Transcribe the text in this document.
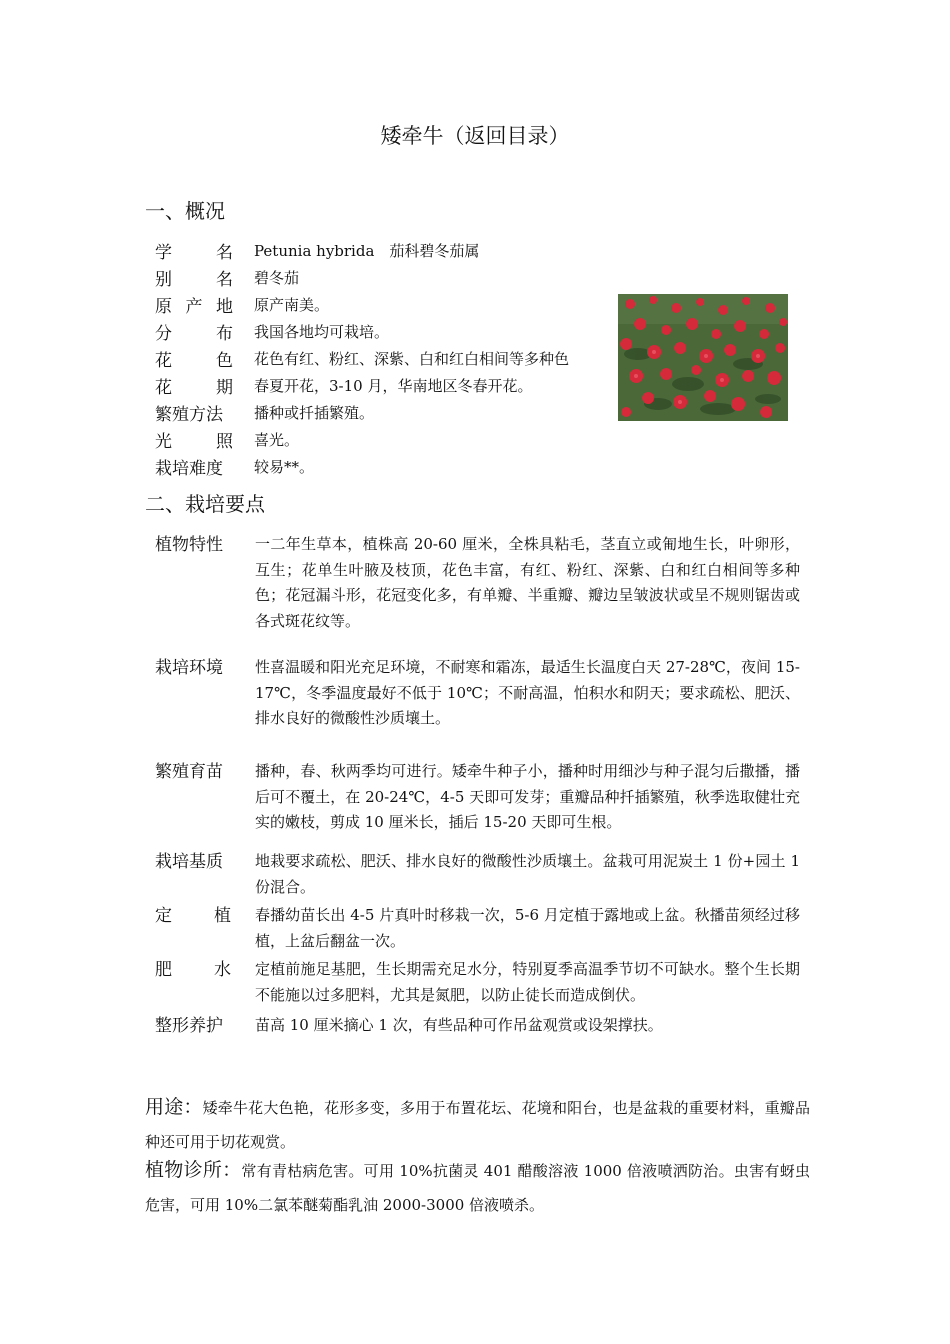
矮牵牛（返回目录）
一、概况
学	名 Petunia hybrida　茄科碧冬茄属
别	名 碧冬茄
原 产 地 原产南美。
分	布 我国各地均可栽培。
花	色 花色有红、粉红、深紫、白和红白相间等多种色
花	期 春夏开花，3-10 月，华南地区冬春开花。
繁殖方法	播种或扦插繁殖。
光	照 喜光。
栽培难度	较易**。
二、栽培要点
植物特性	一二年生草本，植株高 20-60 厘米，全株具粘毛，茎直立或匍地生长，叶卵形，互生；花单生叶腋及枝顶，花色丰富，有红、粉红、深紫、白和红白相间等多种色；花冠漏斗形，花冠变化多，有单瓣、半重瓣、瓣边呈皱波状或呈不规则锯齿或各式斑花纹等。
栽培环境	性喜温暖和阳光充足环境，不耐寒和霜冻，最适生长温度白天 27-28℃，夜间 15-17℃，冬季温度最好不低于 10℃；不耐高温，怕积水和阴天；要求疏松、肥沃、排水良好的微酸性沙质壤土。
繁殖育苗	播种，春、秋两季均可进行。矮牵牛种子小，播种时用细沙与种子混匀后撒播，播后可不覆土，在 20-24℃，4-5 天即可发芽；重瓣品种扦插繁殖，秋季选取健壮充实的嫩枝，剪成 10 厘米长，插后 15-20 天即可生根。
栽培基质	地栽要求疏松、肥沃、排水良好的微酸性沙质壤土。盆栽可用泥炭土 1 份+园土 1 份混合。
定 植 春播幼苗长出 4-5 片真叶时移栽一次，5-6 月定植于露地或上盆。秋播苗须经过移植，上盆后翻盆一次。
肥 水 定植前施足基肥，生长期需充足水分，特别夏季高温季节切不可缺水。整个生长期不能施以过多肥料，尤其是氮肥，以防止徒长而造成倒伏。
整形养护	苗高 10 厘米摘心 1 次，有些品种可作吊盆观赏或设架撑扶。
用途：矮牵牛花大色艳，花形多变，多用于布置花坛、花境和阳台，也是盆栽的重要材料，重瓣品种还可用于切花观赏。
植物诊所：常有青枯病危害。可用 10%抗菌灵 401 醋酸溶液 1000 倍液喷洒防治。虫害有蚜虫危害，可用 10%二氯苯醚菊酯乳油 2000-3000 倍液喷杀。
